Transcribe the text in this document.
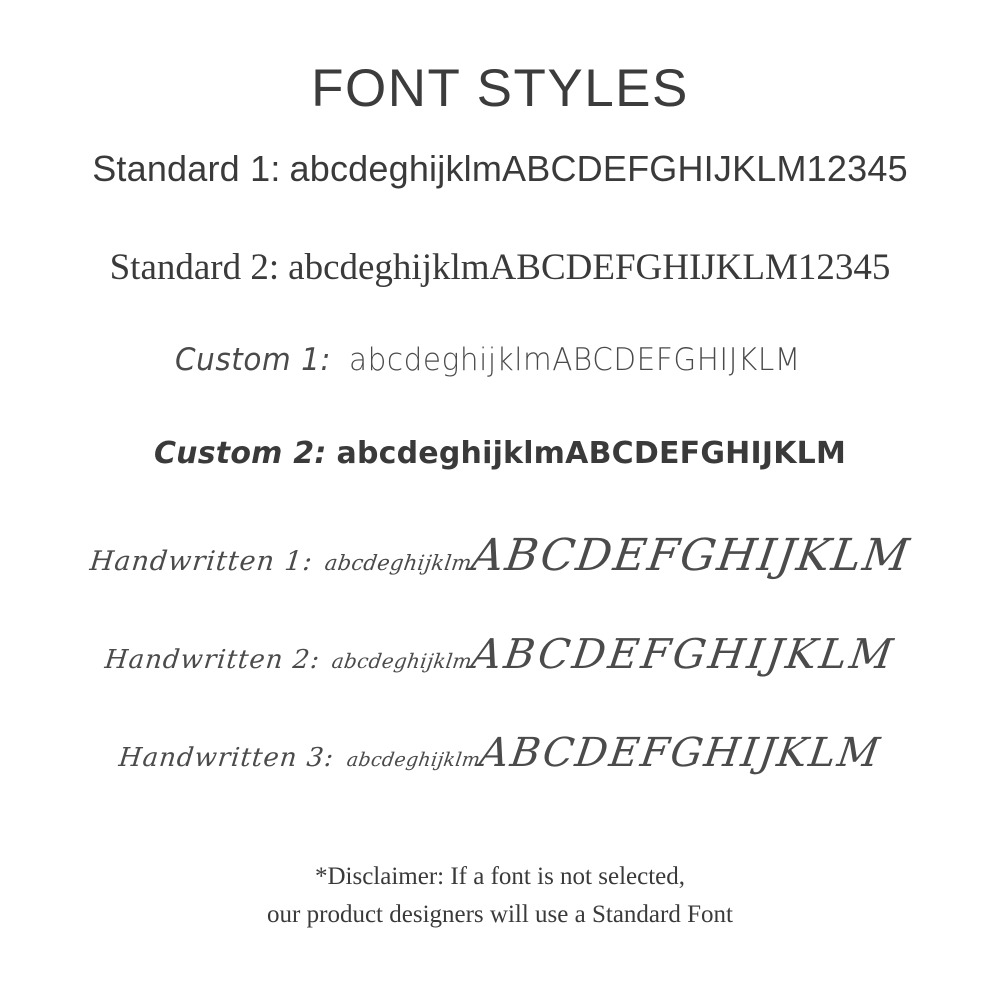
FONT STYLES
Standard 1: abcdeghijklmABCDEFGHIJKLM12345
Standard 2: abcdeghijklmABCDEFGHIJKLM12345
Custom 1: abcdeghijklmABCDEFGHIJKLM
Custom 2: abcdeghijklmABCDEFGHIJKLM
Handwritten 1: abcdeghijklm
ABCDEFGHIJKLM
Handwritten 2: abcdeghijklm
ABCDEFGHIJKLM
Handwritten 3: abcdeghijklm
ABCDEFGHIJKLM
*Disclaimer: If a font is not selected,
our product designers will use a Standard Font
